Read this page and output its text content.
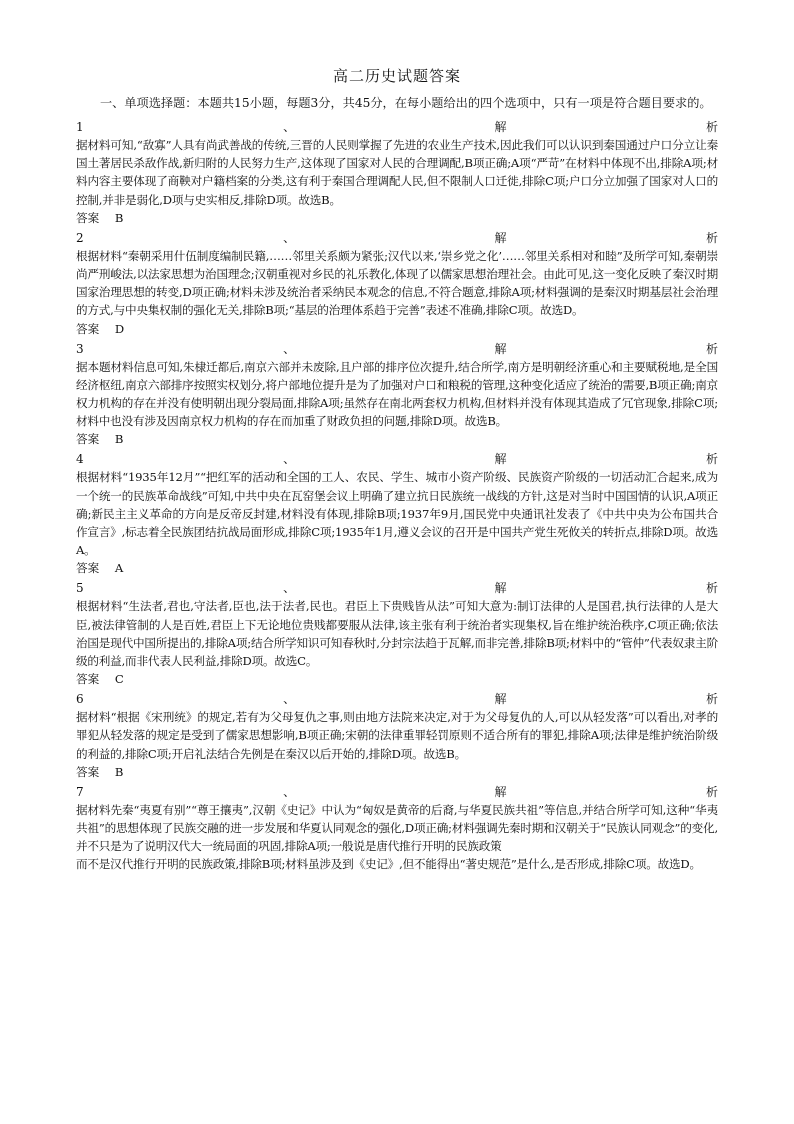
高二历史试题答案

一、单项选择题：本题共15小题，每题3分，共45分，在每小题给出的四个选项中，只有一项是符合题目要求的。

1	、	解	析

据材料可知,“敌寡”人具有尚武善战的传统,三晋的人民则掌握了先进的农业生产技术,因此我们可以认识到秦国通过户口分立让秦国土著居民杀敌作战,新归附的人民努力生产,这体现了国家对人民的合理调配,B项正确;A项“严苛”在材料中体现不出,排除A项;材料内容主要体现了商鞅对户籍档案的分类,这有利于秦国合理调配人民,但不限制人口迁徙,排除C项;户口分立加强了国家对人口的控制,并非是弱化,D项与史实相反,排除D项。故选B。

答案 B

2	、	解	析

根据材料“秦朝采用什伍制度编制民籍,……邻里关系颇为紧张;汉代以来,‘崇乡党之化’……邻里关系相对和睦”及所学可知,秦朝崇尚严刑峻法,以法家思想为治国理念;汉朝重视对乡民的礼乐教化,体现了以儒家思想治理社会。由此可见,这一变化反映了秦汉时期国家治理思想的转变,D项正确;材料未涉及统治者采纳民本观念的信息,不符合题意,排除A项;材料强调的是秦汉时期基层社会治理的方式,与中央集权制的强化无关,排除B项;“基层的治理体系趋于完善”表述不准确,排除C项。故选D。

答案 D

3	、	解	析

据本题材料信息可知,朱棣迁都后,南京六部并未废除,且户部的排序位次提升,结合所学,南方是明朝经济重心和主要赋税地,是全国经济枢纽,南京六部排序按照实权划分,将户部地位提升是为了加强对户口和粮税的管理,这种变化适应了统治的需要,B项正确;南京权力机构的存在并没有使明朝出现分裂局面,排除A项;虽然存在南北两套权力机构,但材料并没有体现其造成了冗官现象,排除C项;材料中也没有涉及因南京权力机构的存在而加重了财政负担的问题,排除D项。故选B。

答案 B

4	、	解	析

根据材料“1935年12月”“把红军的活动和全国的工人、农民、学生、城市小资产阶级、民族资产阶级的一切活动汇合起来,成为一个统一的民族革命战线”可知,中共中央在瓦窑堡会议上明确了建立抗日民族统一战线的方针,这是对当时中国国情的认识,A项正确;新民主主义革命的方向是反帝反封建,材料没有体现,排除B项;1937年9月,国民党中央通讯社发表了《中共中央为公布国共合作宣言》,标志着全民族团结抗战局面形成,排除C项;1935年1月,遵义会议的召开是中国共产党生死攸关的转折点,排除D项。故选A。

答案 A

5	、	解	析

根据材料“生法者,君也,守法者,臣也,法于法者,民也。君臣上下贵贱皆从法”可知大意为:制订法律的人是国君,执行法律的人是大臣,被法律管制的人是百姓,君臣上下无论地位贵贱都要服从法律,该主张有利于统治者实现集权,旨在维护统治秩序,C项正确;依法治国是现代中国所提出的,排除A项;结合所学知识可知春秋时,分封宗法趋于瓦解,而非完善,排除B项;材料中的“管仲”代表奴隶主阶级的利益,而非代表人民利益,排除D项。故选C。

答案 C

6	、	解	析

据材料“根据《宋刑统》的规定,若有为父母复仇之事,则由地方法院来决定,对于为父母复仇的人,可以从轻发落”可以看出,对孝的罪犯从轻发落的规定是受到了儒家思想影响,B项正确;宋朝的法律重罪轻罚原则不适合所有的罪犯,排除A项;法律是维护统治阶级的利益的,排除C项;开启礼法结合先例是在秦汉以后开始的,排除D项。故选B。

答案 B

7	、	解	析

据材料先秦“夷夏有别”“尊王攘夷”,汉朝《史记》中认为“匈奴是黄帝的后裔,与华夏民族共祖”等信息,并结合所学可知,这种“华夷共祖”的思想体现了民族交融的进一步发展和华夏认同观念的强化,D项正确;材料强调先秦时期和汉朝关于“民族认同观念”的变化,并不只是为了说明汉代大一统局面的巩固,排除A项;一般说是唐代推行开明的民族政策

而不是汉代推行开明的民族政策,排除B项;材料虽涉及到《史记》,但不能得出“著史规范”是什么,是否形成,排除C项。故选D。
